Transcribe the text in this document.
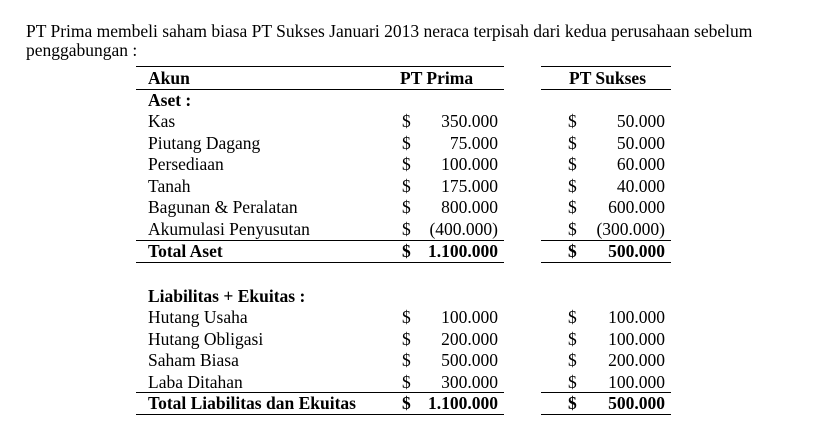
PT Prima membeli saham biasa PT Sukses Januari 2013 neraca terpisah dari kedua perusahaan sebelum penggabungan :
Akun	PT Prima	PT Sukses
Aset :
Kas	$	350.000	$	50.000
Piutang Dagang	$	75.000	$	50.000
Persediaan	$	100.000	$	60.000
Tanah	$	175.000	$	40.000
Bagunan & Peralatan	$	800.000	$	600.000
Akumulasi Penyusutan	$	(400.000)	$	(300.000)
Total Aset	$ 1.100.000	$	500.000
Liabilitas + Ekuitas :
Hutang Usaha	$	100.000	$	100.000
Hutang Obligasi	$	200.000	$	100.000
Saham Biasa	$	500.000	$	200.000
Laba Ditahan	$	300.000	$	100.000
Total Liabilitas dan Ekuitas	$ 1.100.000	$	500.000
